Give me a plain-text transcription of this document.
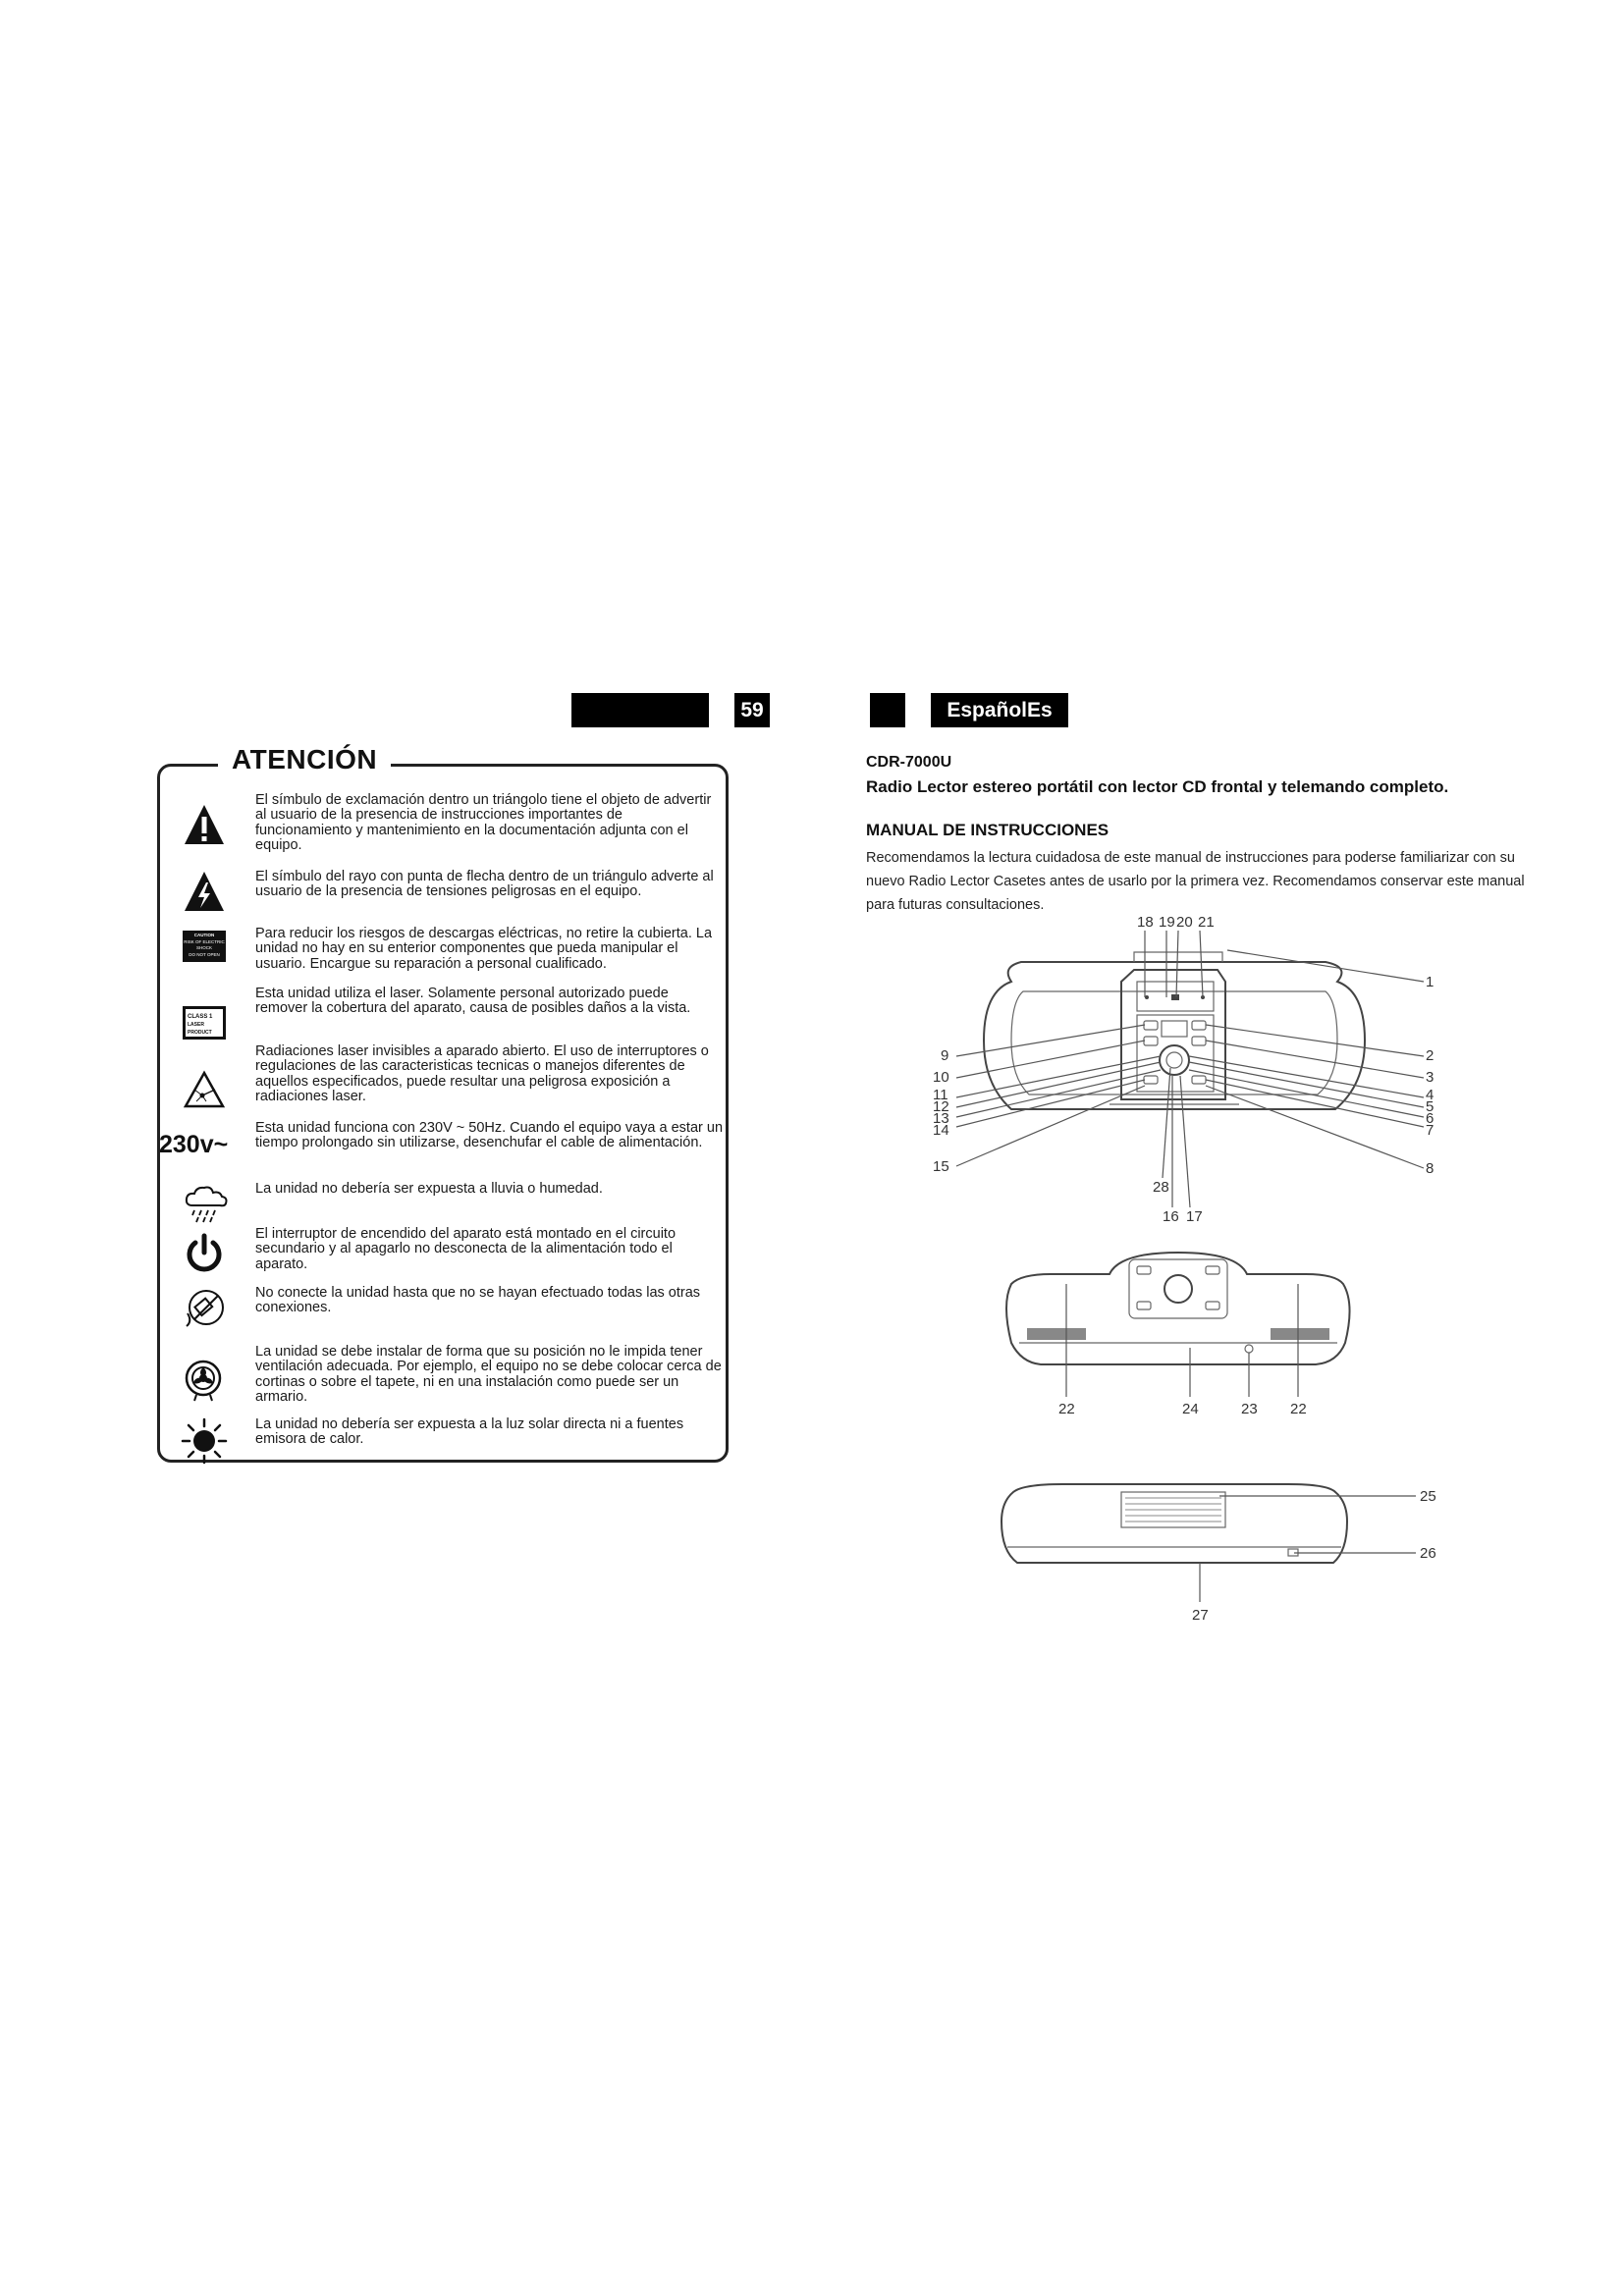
59	EspañolEs
ATENCIÓN
El símbulo de exclamación dentro un triángolo tiene el objeto de advertir al usuario de la presencia de instrucciones importantes de funcionamiento y mantenimiento en la documentación adjunta con el equipo.
El símbulo del rayo con punta de flecha dentro de un triángulo adverte al usuario de la presencia de tensiones peligrosas en el equipo.
CAUTION
RISK OF ELECTRIC
SHOCK
DO NOT OPEN
Para reducir los riesgos de descargas eléctricas, no retire la cubierta. La unidad no hay en su enterior componentes que pueda manipular el usuario. Encargue su reparación a personal cualificado.
CLASS 1
LASER PRODUCT
Esta unidad utiliza el laser. Solamente personal autorizado puede remover la cobertura del aparato, causa de posibles daños a la vista.
Radiaciones laser invisibles a aparado abierto. El uso de interruptores o regulaciones de las caracteristicas tecnicas o manejos diferentes de aquellos especificados, puede resultar una peligrosa exposición a radiaciones laser.
230v~
Esta unidad funciona con 230V ~ 50Hz. Cuando el equipo vaya a estar un tiempo prolongado sin utilizarse, desenchufar el cable de alimentación.
La unidad no debería ser expuesta a lluvia o humedad.
El interruptor de encendido del aparato está montado en el circuito secundario y al apagarlo no desconecta de la alimentación todo el aparato.
No conecte la unidad hasta que no se hayan efectuado todas las otras conexiones.
La unidad se debe instalar de forma que su posición no le impida tener ventilación adecuada. Por ejemplo, el equipo no se debe colocar cerca de cortinas o sobre el tapete, ni en una instalación como puede ser un armario.
La unidad no debería ser expuesta a la luz solar directa ni a fuentes emisora de calor.
CDR-7000U
Radio Lector estereo portátil con lector CD frontal y telemando completo.
MANUAL DE INSTRUCCIONES
Recomendamos la lectura cuidadosa de este manual de instrucciones para poderse familiarizar con su nuevo Radio Lector Casetes antes de usarlo por la primera vez. Recomendamos conservar este manual para futuras consultaciones.
18 19 20 21
1
2
3
4
5
6
7
8
9
10
11
12
13
14
15
28
16 17
22	24	23 22
25
26
27
